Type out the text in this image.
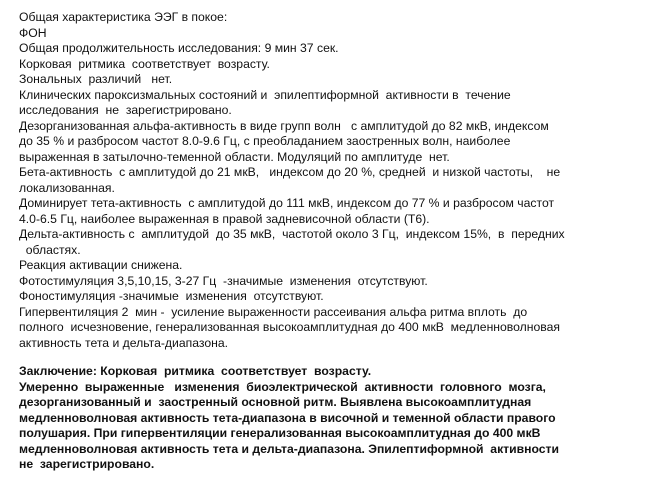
Общая характеристика ЭЭГ в покое:
ФОН
Общая продолжительность исследования: 9 мин 37 сек.
Корковая  ритмика  соответствует  возрасту.
Зональных  различий   нет.
Клинических пароксизмальных состояний и  эпилептиформной  активности в  течение
исследования  не  зарегистрировано.
Дезорганизованная альфа-активность в виде групп волн   с амплитудой до 82 мкВ, индексом
до 35 % и разбросом частот 8.0-9.6 Гц, с преобладанием заостренных волн, наиболее
выраженная в затылочно-теменной области. Модуляций по амплитуде  нет.
Бета-активность  с амплитудой до 21 мкВ,   индексом до 20 %, средней  и низкой частоты,    не
локализованная.
Доминирует тета-активность  с амплитудой до 111 мкВ, индексом до 77 % и разбросом частот
4.0-6.5 Гц, наиболее выраженная в правой задневисочной области (T6).
Дельта-активность с  амплитудой  до 35 мкВ,  частотой около 3 Гц,  индексом 15%,  в  передних
областях.
Реакция активации снижена.
Фотостимуляция 3,5,10,15, 3-27 Гц  -значимые  изменения  отсутствуют.
Фоностимуляция -значимые  изменения  отсутствуют.
Гипервентиляция 2  мин -  усиление выраженности рассеивания альфа ритма вплоть  до
полного  исчезновение, генерализованная высокоамплитудная до 400 мкВ  медленноволновая
активность тета и дельта-диапазона.
Заключение: Корковая  ритмика  соответствует  возрасту.
Умеренно  выраженные   изменения  биоэлектрической  активности  головного  мозга,
дезорганизованный и  заостренный основной ритм. Выявлена высокоамплитудная
медленноволновая активность тета-диапазона в височной и теменной области правого
полушария. При гипервентиляции генерализованная высокоамплитудная до 400 мкВ
медленноволновая активность тета и дельта-диапазона. Эпилептиформной  активности
не  зарегистрировано.
